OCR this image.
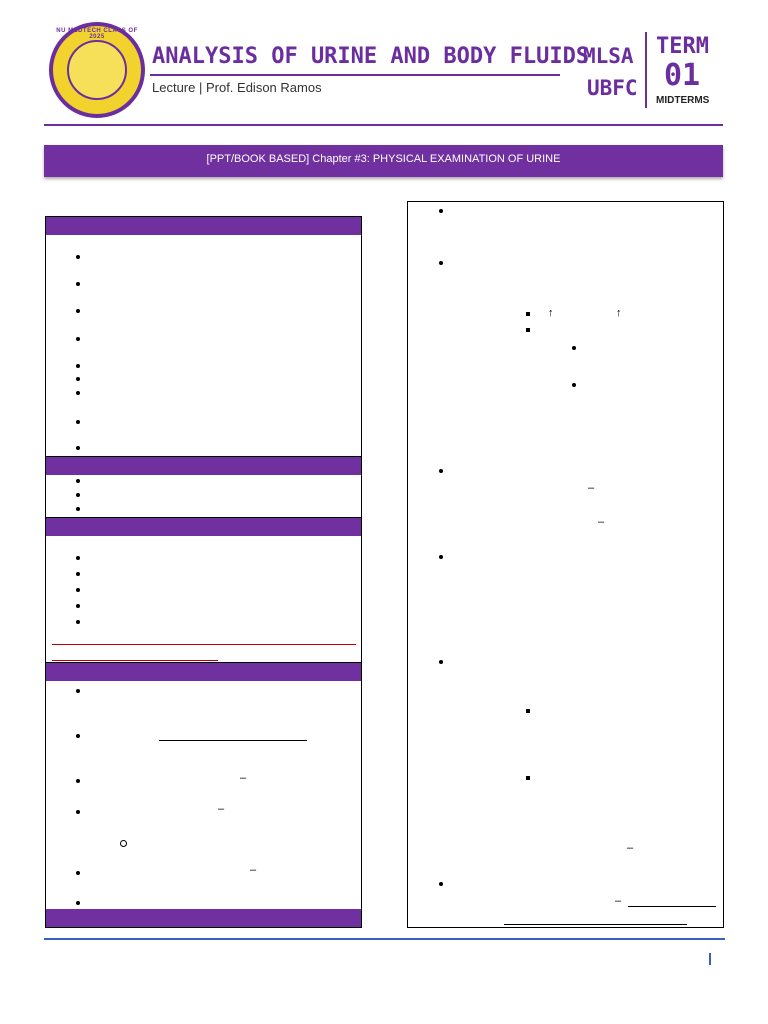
NU MEDTECH CLASS OF 2025
ANALYSIS OF URINE AND BODY FLUIDS
Lecture | Prof. Edison Ramos
MLSA
UBFC
TERM
01
MIDTERMS
[PPT/BOOK BASED] Chapter #3: PHYSICAL EXAMINATION OF URINE
–
–
–
↑	↑
–
–
–
–
